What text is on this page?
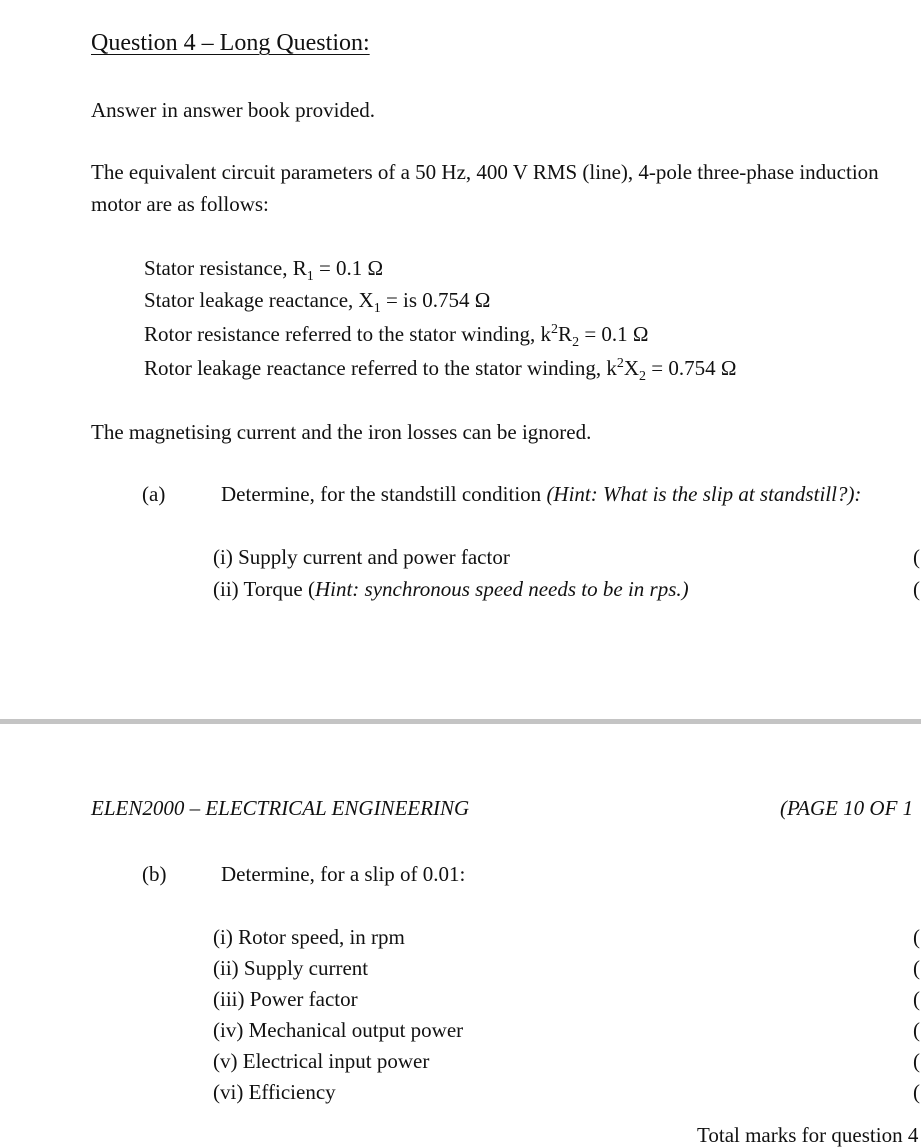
Question 4 – Long Question:
Answer in answer book provided.
The equivalent circuit parameters of a 50 Hz, 400 V RMS (line), 4-pole three-phase induction
motor are as follows:
Stator resistance, $R_1 = 0.1$ Ω
Stator leakage reactance, $X_1$ = is 0.754 Ω
Rotor resistance referred to the stator winding, $k^2R_2 = 0.1$ Ω
Rotor leakage reactance referred to the stator winding, $k^2X_2 = 0.754$ Ω
The magnetising current and the iron losses can be ignored.
(a)	Determine, for the standstill condition (Hint: What is the slip at standstill?):
(i) Supply current and power factor
(ii) Torque (Hint: synchronous speed needs to be in rps.)
(
(
ELEN2000 – ELECTRICAL ENGINEERING	(PAGE 10 OF 1
(b)	Determine, for a slip of 0.01:
(i) Rotor speed, in rpm
(ii) Supply current
(iii) Power factor
(iv) Mechanical output power
(v) Electrical input power
(vi) Efficiency
(
(
(
(
(
(
Total marks for question 4
